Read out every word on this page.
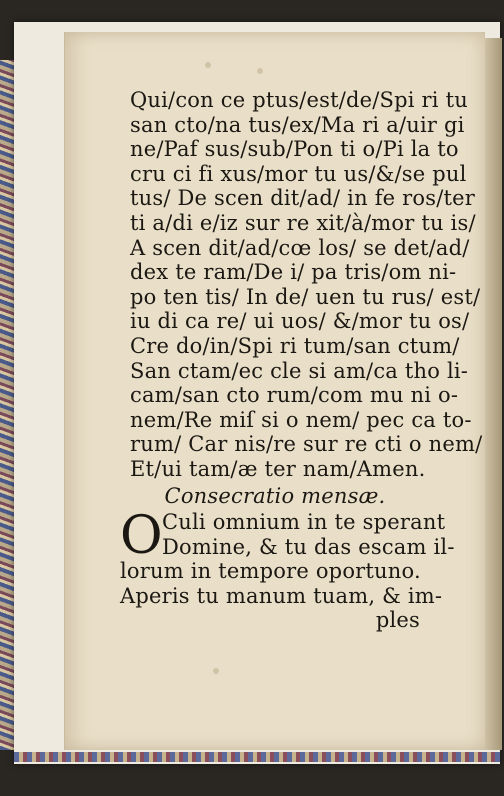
Qui/con ce ptus/est/de/Spi ri tu
san cto/na tus/ex/Ma ri a/uir gi
ne/Paf sus/sub/Pon ti o/Pi la to
cru ci fi xus/mor tu us/&/se pul
tus/ De scen dit/ad/ in fe ros/ter
ti a/di e/iz sur re xit/à/mor tu is/
A scen dit/ad/cœ los/ se det/ad/
dex te ram/De i/ pa tris/om ni-
po ten tis/ In de/ uen tu rus/ est/
iu di ca re/ ui uos/ &/mor tu os/
Cre do/in/Spi ri tum/san ctum/
San ctam/ec cle si am/ca tho li-
cam/san cto rum/com mu ni o-
nem/Re miſ si o nem/ pec ca to-
rum/ Car nis/re sur re cti o nem/
Et/ui tam/æ ter nam/Amen.
Consecratio mensæ.
O Culi omnium in te sperant
Domine, & tu das escam il-
lorum in tempore oportuno.
Aperis tu manum tuam, & im-
ples
